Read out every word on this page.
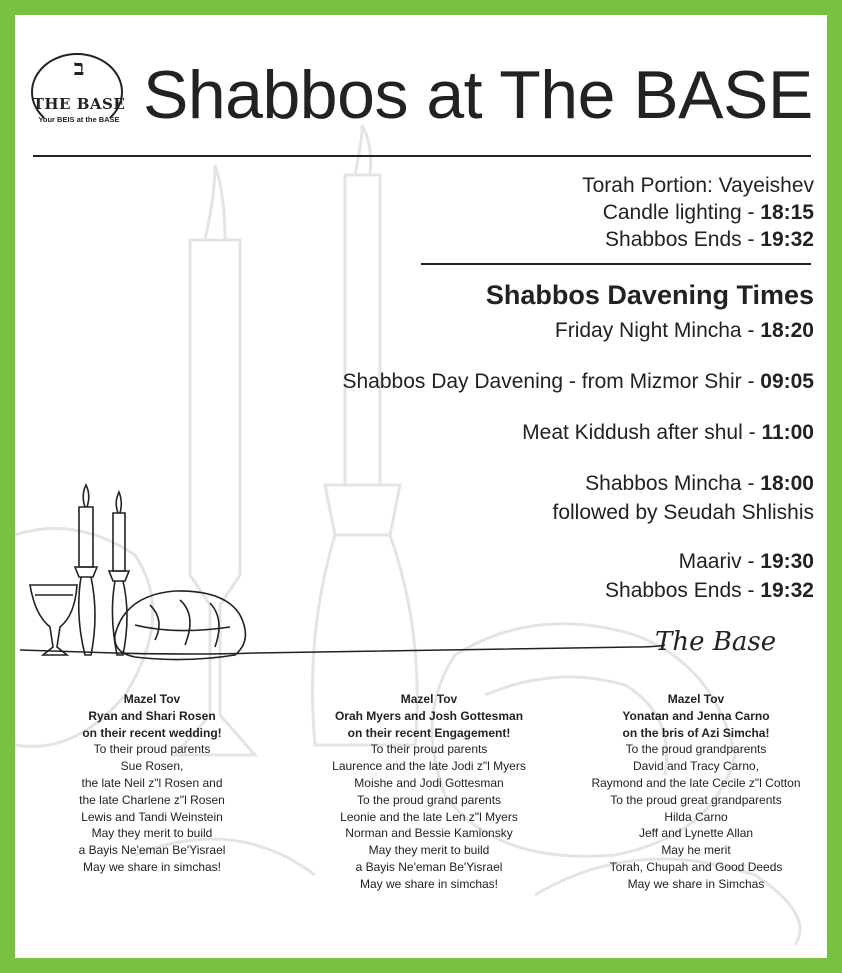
ב
THE BASE
Your BEIS at the BASE Shabbos at The BASE
Torah Portion: Vayeishev
Candle lighting - 18:15
Shabbos Ends - 19:32
Shabbos Davening Times
Friday Night Mincha - 18:20
Shabbos Day Davening - from Mizmor Shir - 09:05
Meat Kiddush after shul - 11:00
Shabbos Mincha - 18:00
followed by Seudah Shlishis
Maariv - 19:30
Shabbos Ends - 19:32
The Base
Mazel Tov
Ryan and Shari Rosen
on their recent wedding!
To their proud parents
Sue Rosen,
the late Neil z"l Rosen and
the late Charlene z"l Rosen
Lewis and Tandi Weinstein
May they merit to build
a Bayis Ne'eman Be'Yisrael
May we share in simchas!
Mazel Tov
Orah Myers and Josh Gottesman
on their recent Engagement!
To their proud parents
Laurence and the late Jodi z"l Myers
Moishe and Jodi Gottesman
To the proud grand parents
Leonie and the late Len z"l Myers
Norman and Bessie Kamionsky
May they merit to build
a Bayis Ne'eman Be'Yisrael
May we share in simchas!
Mazel Tov
Yonatan and Jenna Carno
on the bris of Azi Simcha!
To the proud grandparents
David and Tracy Carno,
Raymond and the late Cecile z"l Cotton
To the proud great grandparents
Hilda Carno
Jeff and Lynette Allan
May he merit
Torah, Chupah and Good Deeds
May we share in Simchas
